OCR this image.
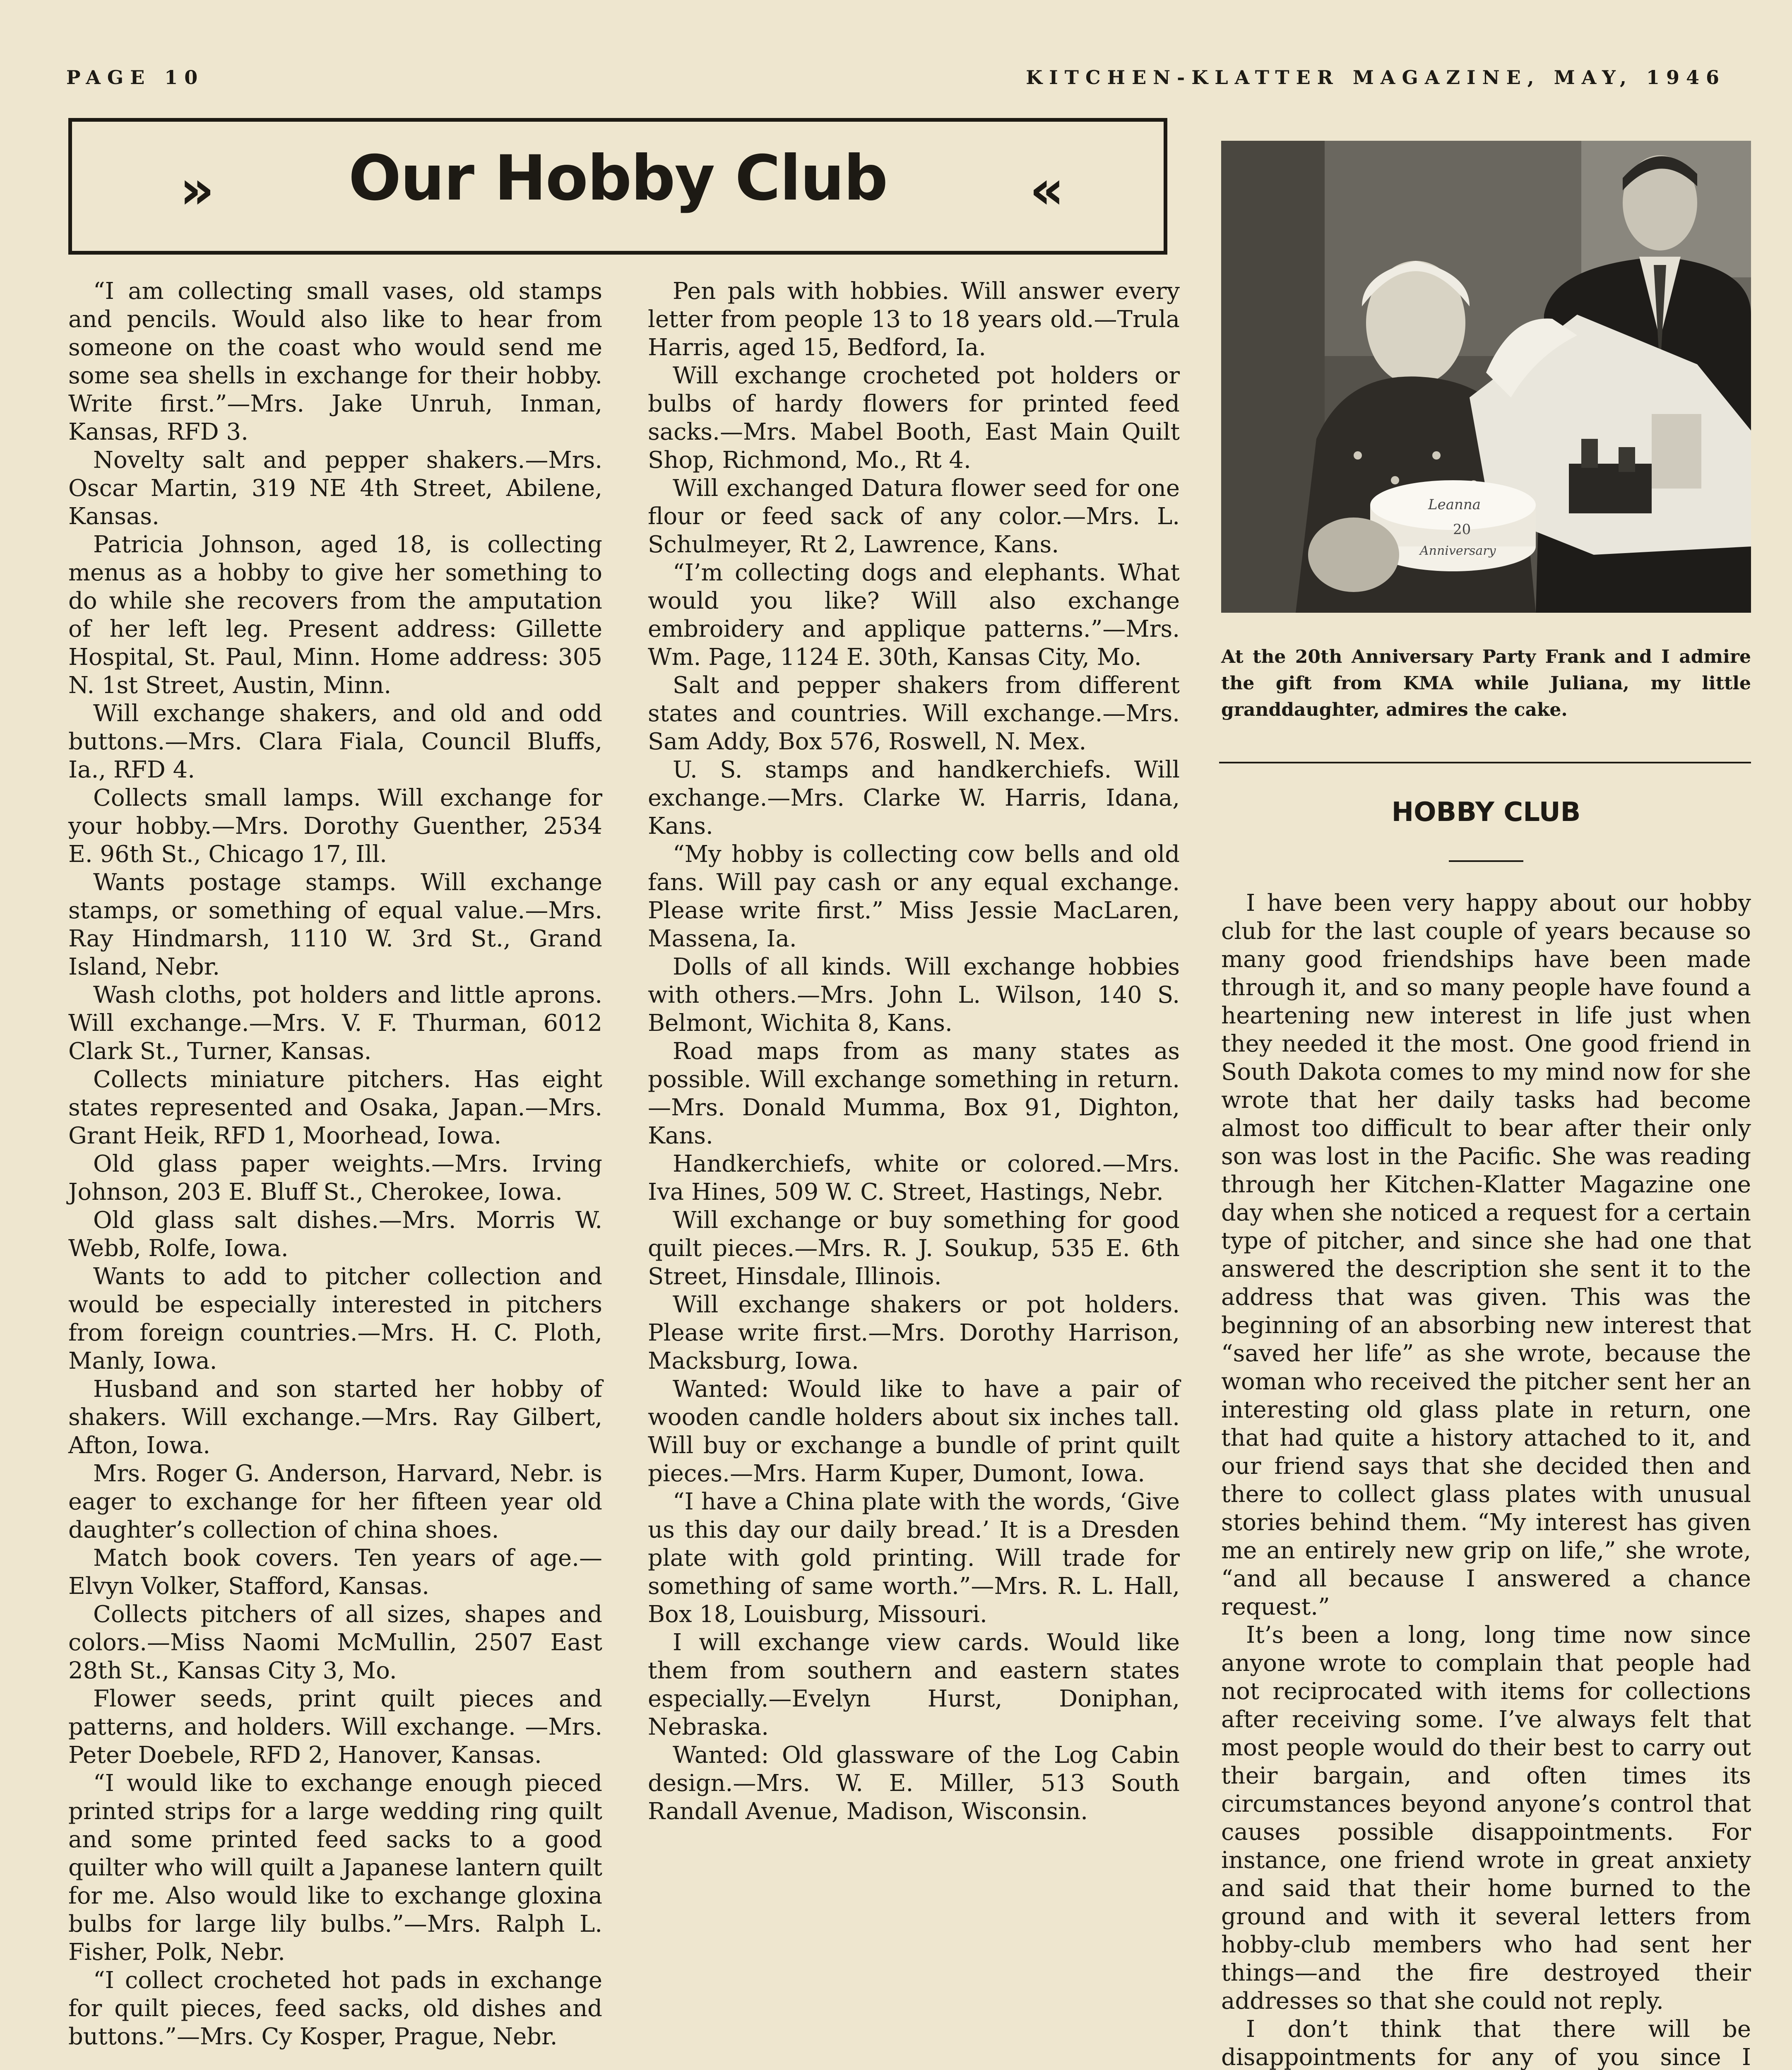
PAGE 10	KITCHEN-KLATTER MAGAZINE, MAY, 1946
»	Our Hobby Club	«

“I am collecting small vases, old stamps and pencils. Would also like to hear from someone on the coast who would send me some sea shells in exchange for their hobby. Write first.”—Mrs. Jake Unruh, Inman, Kansas, RFD 3.

Novelty salt and pepper shakers.—Mrs. Oscar Martin, 319 NE 4th Street, Abilene, Kansas.

Patricia Johnson, aged 18, is collecting menus as a hobby to give her something to do while she recovers from the amputation of her left leg. Present address: Gillette Hospital, St. Paul, Minn. Home address: 305 N. 1st Street, Austin, Minn.

Will exchange shakers, and old and odd buttons.—Mrs. Clara Fiala, Council Bluffs, Ia., RFD 4.

Collects small lamps. Will exchange for your hobby.—Mrs. Dorothy Guenther, 2534 E. 96th St., Chicago 17, Ill.

Wants postage stamps. Will exchange stamps, or something of equal value.—Mrs. Ray Hindmarsh, 1110 W. 3rd St., Grand Island, Nebr.

Wash cloths, pot holders and little aprons. Will exchange.—Mrs. V. F. Thurman, 6012 Clark St., Turner, Kansas.

Collects miniature pitchers. Has eight states represented and Osaka, Japan.—Mrs. Grant Heik, RFD 1, Moorhead, Iowa.

Old glass paper weights.—Mrs. Irving Johnson, 203 E. Bluff St., Cherokee, Iowa.

Old glass salt dishes.—Mrs. Morris W. Webb, Rolfe, Iowa.

Wants to add to pitcher collection and would be especially interested in pitchers from foreign countries.—Mrs. H. C. Ploth, Manly, Iowa.

Husband and son started her hobby of shakers. Will exchange.—Mrs. Ray Gilbert, Afton, Iowa.

Mrs. Roger G. Anderson, Harvard, Nebr. is eager to exchange for her fifteen year old daughter’s collection of china shoes.

Match book covers. Ten years of age.—Elvyn Volker, Stafford, Kansas.

Collects pitchers of all sizes, shapes and colors.—Miss Naomi McMullin, 2507 East 28th St., Kansas City 3, Mo.

Flower seeds, print quilt pieces and patterns, and holders. Will exchange. —Mrs. Peter Doebele, RFD 2, Hanover, Kansas.

“I would like to exchange enough pieced printed strips for a large wedding ring quilt and some printed feed sacks to a good quilter who will quilt a Japanese lantern quilt for me. Also would like to exchange gloxina bulbs for large lily bulbs.”—Mrs. Ralph L. Fisher, Polk, Nebr.

“I collect crocheted hot pads in exchange for quilt pieces, feed sacks, old dishes and buttons.”—Mrs. Cy Kosper, Prague, Nebr.

Pen pals with hobbies. Will answer every letter from people 13 to 18 years old.—Trula Harris, aged 15, Bedford, Ia.

Will exchange crocheted pot holders or bulbs of hardy flowers for printed feed sacks.—Mrs. Mabel Booth, East Main Quilt Shop, Richmond, Mo., Rt 4.

Will exchanged Datura flower seed for one flour or feed sack of any color.—Mrs. L. Schulmeyer, Rt 2, Lawrence, Kans.

“I’m collecting dogs and elephants. What would you like? Will also exchange embroidery and applique patterns.”—Mrs. Wm. Page, 1124 E. 30th, Kansas City, Mo.

Salt and pepper shakers from different states and countries. Will exchange.—Mrs. Sam Addy, Box 576, Roswell, N. Mex.

U. S. stamps and handkerchiefs. Will exchange.—Mrs. Clarke W. Harris, Idana, Kans.

“My hobby is collecting cow bells and old fans. Will pay cash or any equal exchange. Please write first.” Miss Jessie MacLaren, Massena, Ia.

Dolls of all kinds. Will exchange hobbies with others.—Mrs. John L. Wilson, 140 S. Belmont, Wichita 8, Kans.

Road maps from as many states as possible. Will exchange something in return.—Mrs. Donald Mumma, Box 91, Dighton, Kans.

Handkerchiefs, white or colored.—Mrs. Iva Hines, 509 W. C. Street, Hastings, Nebr.

Will exchange or buy something for good quilt pieces.—Mrs. R. J. Soukup, 535 E. 6th Street, Hinsdale, Illinois.

Will exchange shakers or pot holders. Please write first.—Mrs. Dorothy Harrison, Macksburg, Iowa.

Wanted: Would like to have a pair of wooden candle holders about six inches tall. Will buy or exchange a bundle of print quilt pieces.—Mrs. Harm Kuper, Dumont, Iowa.

“I have a China plate with the words, ‘Give us this day our daily bread.’ It is a Dresden plate with gold printing. Will trade for something of same worth.”—Mrs. R. L. Hall, Box 18, Louisburg, Missouri.

I will exchange view cards. Would like them from southern and eastern states especially.—Evelyn Hurst, Doniphan, Nebraska.

Wanted: Old glassware of the Log Cabin design.—Mrs. W. E. Miller, 513 South Randall Avenue, Madison, Wisconsin.

Leanna
20
Anniversary
At the 20th Anniversary Party Frank and I admire the gift from KMA while Juliana, my little granddaughter, admires the cake.
HOBBY CLUB

I have been very happy about our hobby club for the last couple of years because so many good friendships have been made through it, and so many people have found a heartening new interest in life just when they needed it the most. One good friend in South Dakota comes to my mind now for she wrote that her daily tasks had become almost too difficult to bear after their only son was lost in the Pacific. She was reading through her Kitchen-Klatter Magazine one day when she noticed a request for a certain type of pitcher, and since she had one that answered the description she sent it to the address that was given. This was the beginning of an absorbing new interest that “saved her life” as she wrote, because the woman who received the pitcher sent her an interesting old glass plate in return, one that had quite a history attached to it, and our friend says that she decided then and there to collect glass plates with unusual stories behind them. “My interest has given me an entirely new grip on life,” she wrote, “and all because I answered a chance request.”

It’s been a long, long time now since anyone wrote to complain that people had not reciprocated with items for collections after receiving some. I’ve always felt that most people would do their best to carry out their bargain, and often times its circumstances beyond anyone’s control that causes possible disappointments. For instance, one friend wrote in great anxiety and said that their home burned to the ground and with it several letters from hobby-club members who had sent her things—and the fire destroyed their addresses so that she could not reply.

I don’t think that there will be disappointments for any of you since I
